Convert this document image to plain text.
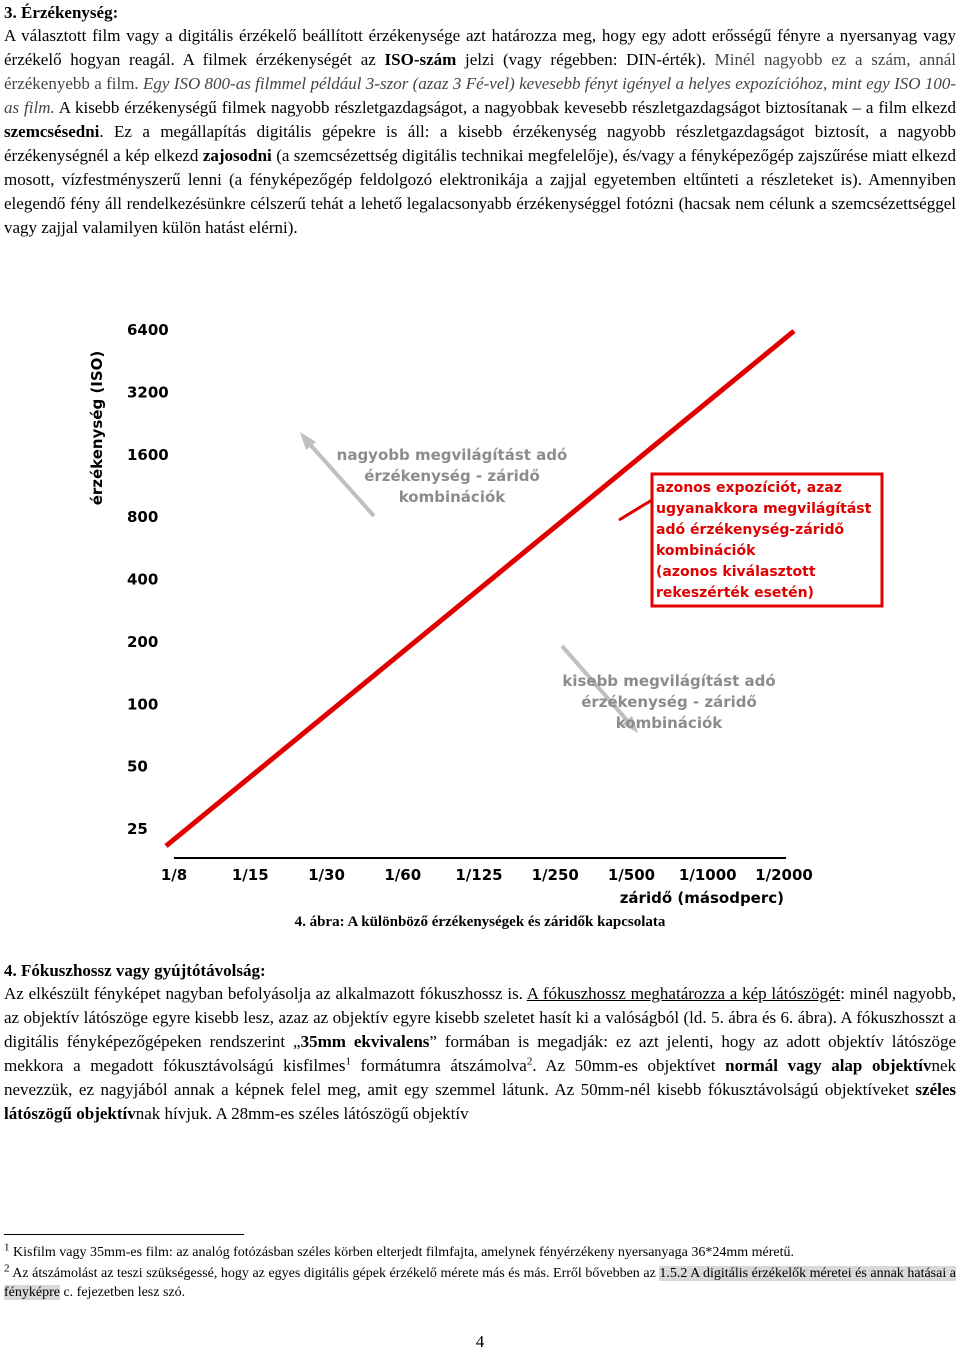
3. Érzékenység:

A választott film vagy a digitális érzékelő beállított érzékenysége azt határozza meg, hogy egy adott erősségű fényre a nyersanyag vagy érzékelő hogyan reagál. A filmek érzékenységét az ISO-szám jelzi (vagy régebben: DIN-érték). Minél nagyobb ez a szám, annál érzékenyebb a film. Egy ISO 800-as filmmel például 3-szor (azaz 3 Fé-vel) kevesebb fényt igényel a helyes expozícióhoz, mint egy ISO 100-as film. A kisebb érzékenységű filmek nagyobb részletgazdagságot, a nagyobbak kevesebb részletgazdagságot biztosítanak – a film elkezd szemcsésedni. Ez a megállapítás digitális gépekre is áll: a kisebb érzékenység nagyobb részletgazdagságot biztosít, a nagyobb érzékenységnél a kép elkezd zajosodni (a szemcsézettség digitális technikai megfelelője), és/vagy a fényképezőgép zajszűrése miatt elkezd mosott, vízfestményszerű lenni (a fényképezőgép feldolgozó elektronikája a zajjal egyetemben eltűnteti a részleteket is). Amennyiben elegendő fény áll rendelkezésünkre célszerű tehát a lehető legalacsonyabb érzékenységgel fotózni (hacsak nem célunk a szemcsézettséggel vagy zajjal valamilyen külön hatást elérni).

érzékenység (ISO)
25
50
100
200
400
800
1600
3200
6400
1/8	1/15	1/30	1/60 1/125 1/250 1/500 1/1000 1/2000
záridő (másodperc)
nagyobb megvilágítást adó
érzékenység - záridő
kombinációk
kisebb megvilágítást adó
érzékenység - záridő
kombinációk
azonos expozíciót, azaz
ugyanakkora megvilágítást
adó érzékenység-záridő
kombinációk
(azonos kiválasztott
rekeszérték esetén)
4. ábra: A különböző érzékenységek és záridők kapcsolata
4. Fókuszhossz vagy gyújtótávolság:

Az elkészült fényképet nagyban befolyásolja az alkalmazott fókuszhossz is. A fókuszhossz meghatározza a kép látószögét: minél nagyobb, az objektív látószöge egyre kisebb lesz, azaz az objektív egyre kisebb szeletet hasít ki a valóságból (ld. 5. ábra és 6. ábra). A fókuszhosszt a digitális fényképezőgépeken rendszerint „35mm ekvivalens” formában is megadják: ez azt jelenti, hogy az adott objektív látószöge mekkora a megadott fókusztávolságú kisfilmes$^1$ formátumra átszámolva$^2$. Az 50mm-es objektívet normál vagy alap objektívnek nevezzük, ez nagyjából annak a képnek felel meg, amit egy szemmel látunk. Az 50mm-nél kisebb fókusztávolságú objektíveket széles látószögű objektívnak hívjuk. A 28mm-es széles látószögű objektív

$^1$ Kisfilm vagy 35mm-es film: az analóg fotózásban széles körben elterjedt filmfajta, amelynek fényérzékeny nyersanyaga 36*24mm méretű.

$^2$ Az átszámolást az teszi szükségessé, hogy az egyes digitális gépek érzékelő mérete más és más. Erről bővebben az 1.5.2 A digitális érzékelők méretei és annak hatásai a fényképre c. fejezetben lesz szó.

4
